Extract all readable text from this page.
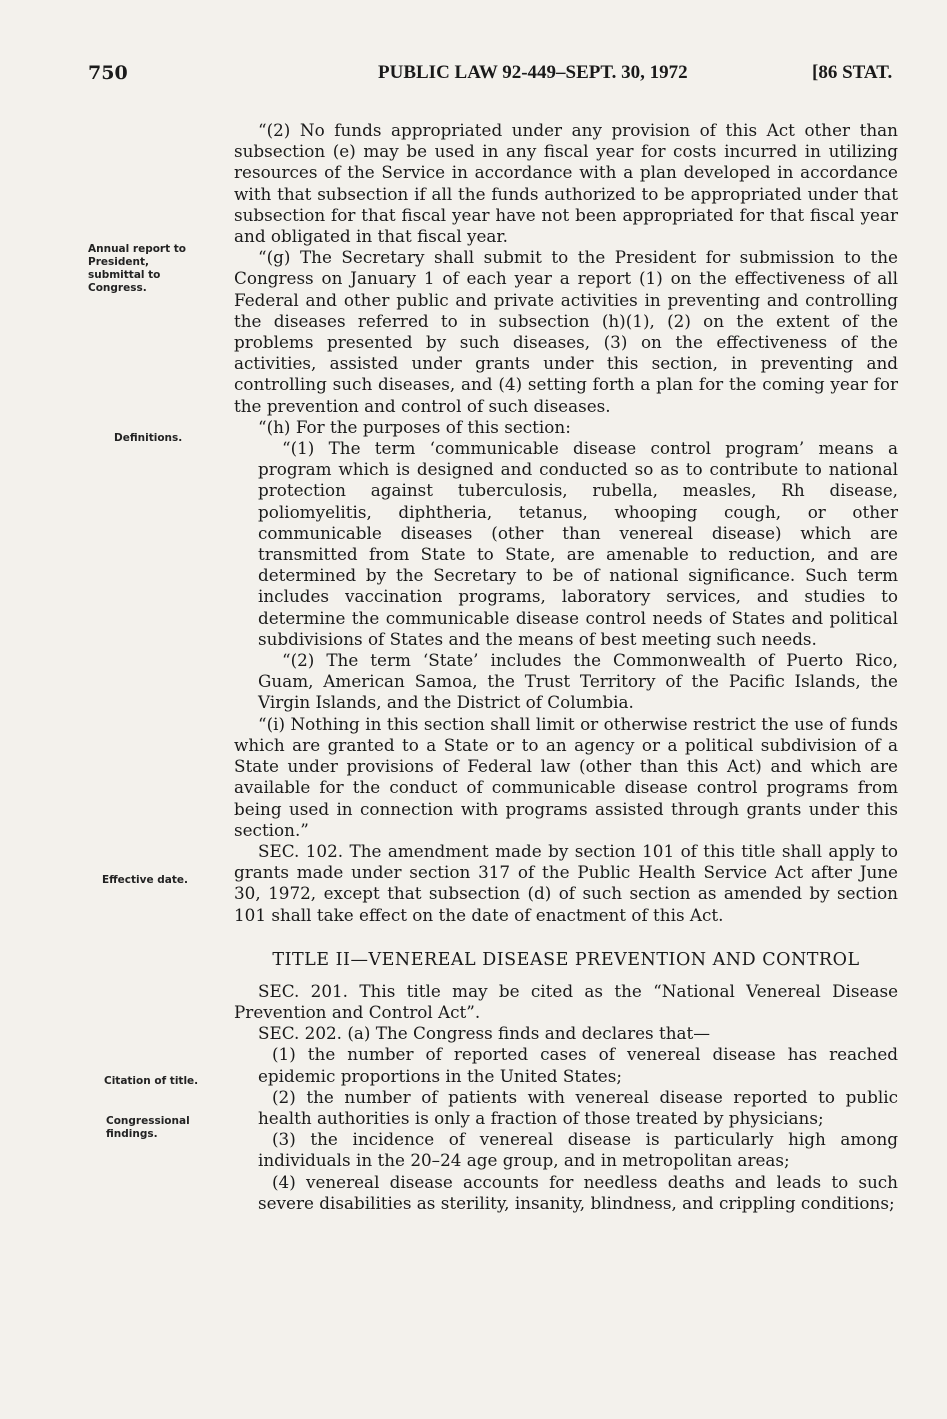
750	PUBLIC LAW 92-449–SEPT. 30, 1972	[86 STAT.
Annual report to President, submittal to Congress.
Definitions.
Effective date.
Citation of title.
Congressional findings.

“(2) No funds appropriated under any provision of this Act other than subsection (e) may be used in any fiscal year for costs incurred in utilizing resources of the Service in accordance with a plan developed in accordance with that subsection if all the funds authorized to be appropriated under that subsection for that fiscal year have not been appropriated for that fiscal year and obligated in that fiscal year.

“(g) The Secretary shall submit to the President for submission to the Congress on January 1 of each year a report (1) on the effectiveness of all Federal and other public and private activities in preventing and controlling the diseases referred to in subsection (h)(1), (2) on the extent of the problems presented by such diseases, (3) on the effectiveness of the activities, assisted under grants under this section, in preventing and controlling such diseases, and (4) setting forth a plan for the coming year for the prevention and control of such diseases.

“(h) For the purposes of this section:

“(1) The term ‘communicable disease control program’ means a program which is designed and conducted so as to contribute to national protection against tuberculosis, rubella, measles, Rh disease, poliomyelitis, diphtheria, tetanus, whooping cough, or other communicable diseases (other than venereal disease) which are transmitted from State to State, are amenable to reduction, and are determined by the Secretary to be of national significance. Such term includes vaccination programs, laboratory services, and studies to determine the communicable disease control needs of States and political subdivisions of States and the means of best meeting such needs.

“(2) The term ‘State’ includes the Commonwealth of Puerto Rico, Guam, American Samoa, the Trust Territory of the Pacific Islands, the Virgin Islands, and the District of Columbia.

“(i) Nothing in this section shall limit or otherwise restrict the use of funds which are granted to a State or to an agency or a political subdivision of a State under provisions of Federal law (other than this Act) and which are available for the conduct of communicable disease control programs from being used in connection with programs assisted through grants under this section.”

SEC. 102. The amendment made by section 101 of this title shall apply to grants made under section 317 of the Public Health Service Act after June 30, 1972, except that subsection (d) of such section as amended by section 101 shall take effect on the date of enactment of this Act.

TITLE II—VENEREAL DISEASE PREVENTION AND CONTROL

SEC. 201. This title may be cited as the “National Venereal Disease Prevention and Control Act”.

SEC. 202. (a) The Congress finds and declares that—

(1) the number of reported cases of venereal disease has reached epidemic proportions in the United States;

(2) the number of patients with venereal disease reported to public health authorities is only a fraction of those treated by physicians;

(3) the incidence of venereal disease is particularly high among individuals in the 20–24 age group, and in metropolitan areas;

(4) venereal disease accounts for needless deaths and leads to such severe disabilities as sterility, insanity, blindness, and crippling conditions;
